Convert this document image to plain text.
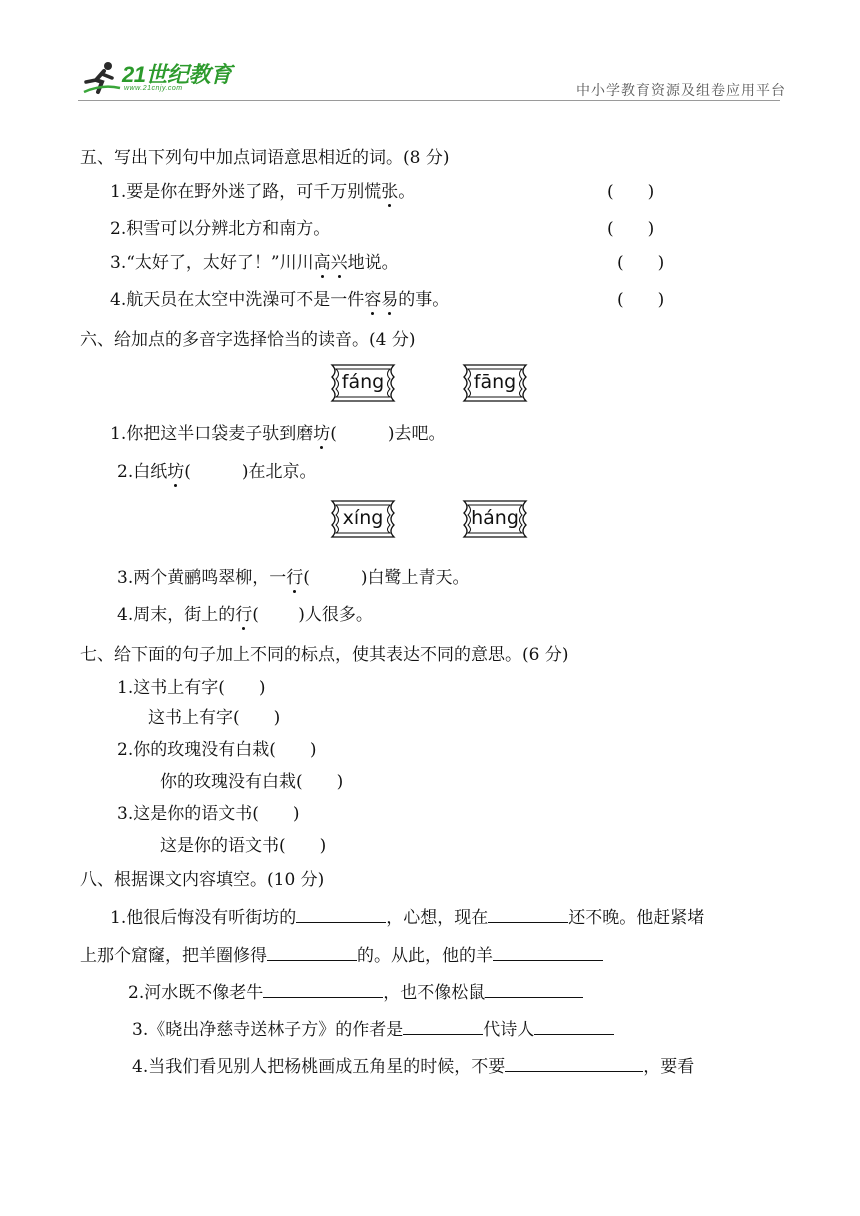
21世纪教育
www.21cnjy.com	中小学教育资源及组卷应用平台
五、写出下列句中加点词语意思相近的词。(8 分)
1.要是你在野外迷了路，可千万别慌张。	(　　)
2.积雪可以分辨北方和南方。	(　　)
3.“太好了，太好了！”川川高兴地说。	(　　)
4.航天员在太空中洗澡可不是一件容易的事。	(　　)
六、给加点的多音字选择恰当的读音。(4 分)
fáng	fāng
1.你把这半口袋麦子驮到磨坊(　　　)去吧。
2.白纸坊(　　　)在北京。
xíng	háng
3.两个黄鹂鸣翠柳，一行(　　　)白鹭上青天。
4.周末，街上的行(　　 )人很多。
七、给下面的句子加上不同的标点，使其表达不同的意思。(6 分)
1.这书上有字(　　)
这书上有字(　　)
2.你的玫瑰没有白栽(　　)
你的玫瑰没有白栽(　　)
3.这是你的语文书(　　)
这是你的语文书(　　)
八、根据课文内容填空。(10 分)
1.他很后悔没有听街坊的	，心想，现在	还不晚。他赶紧堵
上那个窟窿，把羊圈修得	的。从此，他的羊
2.河水既不像老牛	，也不像松鼠
3.《晓出净慈寺送林子方》的作者是	代诗人
4.当我们看见别人把杨桃画成五角星的时候，不要	，要看
